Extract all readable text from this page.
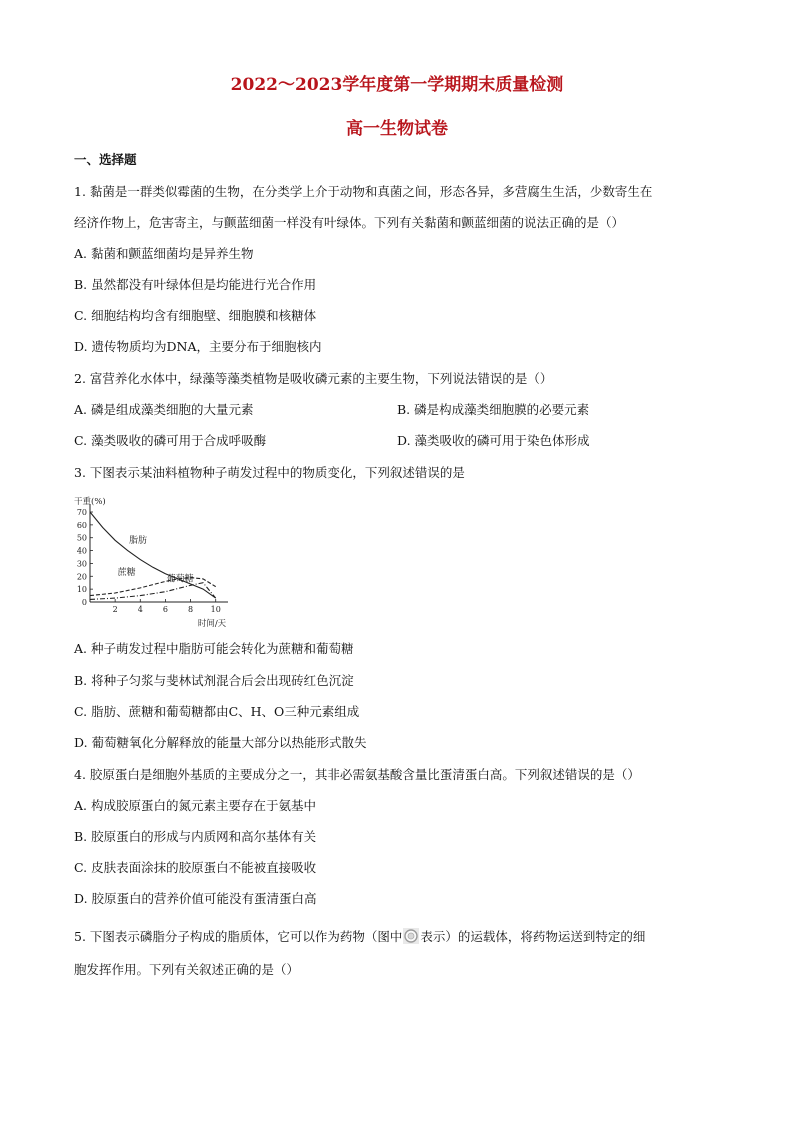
2022～2023学年度第一学期期末质量检测
高一生物试卷
一、选择题
1. 黏菌是一群类似霉菌的生物，在分类学上介于动物和真菌之间，形态各异，多营腐生生活，少数寄生在
经济作物上，危害寄主，与颤蓝细菌一样没有叶绿体。下列有关黏菌和颤蓝细菌的说法正确的是（）
A. 黏菌和颤蓝细菌均是异养生物
B. 虽然都没有叶绿体但是均能进行光合作用
C. 细胞结构均含有细胞壁、细胞膜和核糖体
D. 遗传物质均为DNA，主要分布于细胞核内
2. 富营养化水体中，绿藻等藻类植物是吸收磷元素的主要生物，下列说法错误的是（）
A. 磷是组成藻类细胞的大量元素	B. 磷是构成藻类细胞膜的必要元素
C. 藻类吸收的磷可用于合成呼吸酶	D. 藻类吸收的磷可用于染色体形成
3. 下图表示某油料植物种子萌发过程中的物质变化，下列叙述错误的是
0
10
20
30
40
50
60
70
2	4	6	8 10
干重(%)
时间/天
脂肪
蔗糖
葡萄糖
A. 种子萌发过程中脂肪可能会转化为蔗糖和葡萄糖
B. 将种子匀浆与斐林试剂混合后会出现砖红色沉淀
C. 脂肪、蔗糖和葡萄糖都由C、H、O三种元素组成
D. 葡萄糖氧化分解释放的能量大部分以热能形式散失
4. 胶原蛋白是细胞外基质的主要成分之一，其非必需氨基酸含量比蛋清蛋白高。下列叙述错误的是（）
A. 构成胶原蛋白的氮元素主要存在于氨基中
B. 胶原蛋白的形成与内质网和高尔基体有关
C. 皮肤表面涂抹的胶原蛋白不能被直接吸收
D. 胶原蛋白的营养价值可能没有蛋清蛋白高
5. 下图表示磷脂分子构成的脂质体，它可以作为药物（图中 表示）的运载体，将药物运送到特定的细
胞发挥作用。下列有关叙述正确的是（）
